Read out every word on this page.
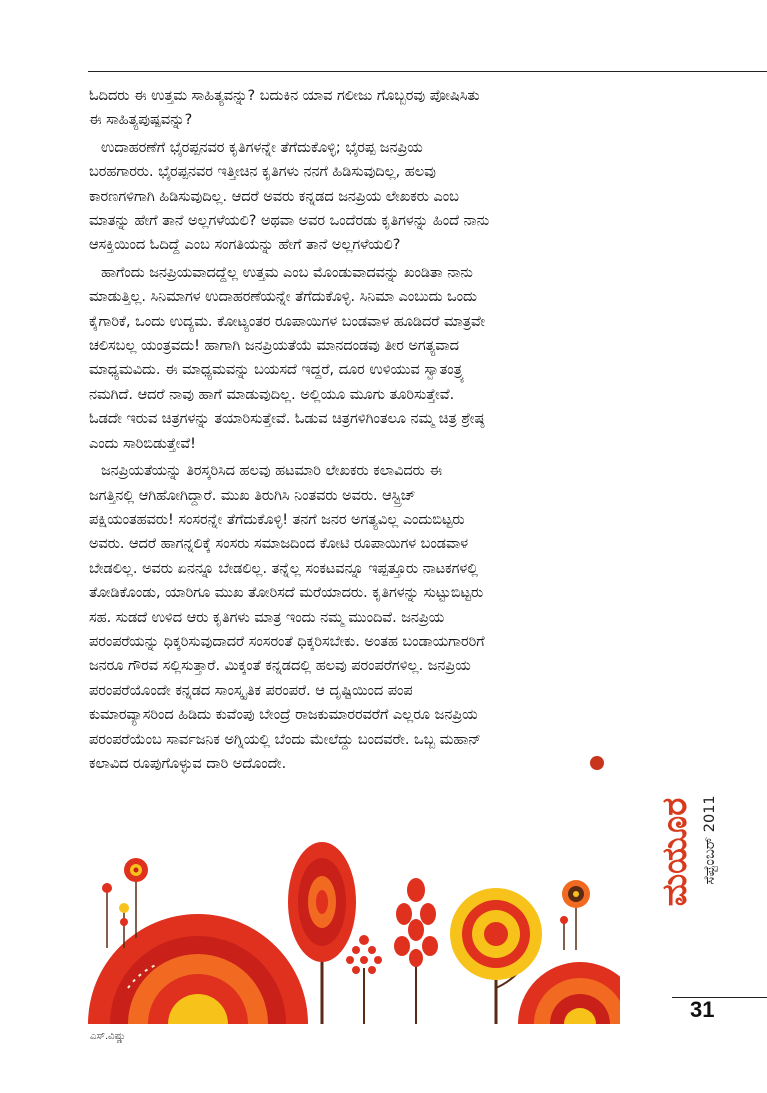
ಓದಿದರು ಈ ಉತ್ತಮ ಸಾಹಿತ್ಯವನ್ನು? ಬದುಕಿನ ಯಾವ ಗಲೀಜು ಗೊಬ್ಬರವು ಪೋಷಿಸಿತು
ಈ ಸಾಹಿತ್ಯಪುಷ್ಪವನ್ನು?

ಉದಾಹರಣೆಗೆ ಭೈರಪ್ಪನವರ ಕೃತಿಗಳನ್ನೇ ತೆಗೆದುಕೊಳ್ಳಿ; ಭೈರಪ್ಪ ಜನಪ್ರಿಯ
ಬರಹಗಾರರು. ಭೈರಪ್ಪನವರ ಇತ್ತೀಚಿನ ಕೃತಿಗಳು ನನಗೆ ಹಿಡಿಸುವುದಿಲ್ಲ, ಹಲವು
ಕಾರಣಗಳಿಗಾಗಿ ಹಿಡಿಸುವುದಿಲ್ಲ. ಆದರೆ ಅವರು ಕನ್ನಡದ ಜನಪ್ರಿಯ ಲೇಖಕರು ಎಂಬ
ಮಾತನ್ನು ಹೇಗೆ ತಾನೆ ಅಲ್ಲಗಳೆಯಲಿ? ಅಥವಾ ಅವರ ಒಂದೆರಡು ಕೃತಿಗಳನ್ನು ಹಿಂದೆ ನಾನು
ಆಸಕ್ತಿಯಿಂದ ಓದಿದ್ದೆ ಎಂಬ ಸಂಗತಿಯನ್ನು ಹೇಗೆ ತಾನೆ ಅಲ್ಲಗಳೆಯಲಿ?

ಹಾಗೆಂದು ಜನಪ್ರಿಯವಾದದ್ದೆಲ್ಲ ಉತ್ತಮ ಎಂಬ ಮೊಂಡುವಾದವನ್ನು ಖಂಡಿತಾ ನಾನು
ಮಾಡುತ್ತಿಲ್ಲ. ಸಿನಿಮಾಗಳ ಉದಾಹರಣೆಯನ್ನೇ ತೆಗೆದುಕೊಳ್ಳಿ. ಸಿನಿಮಾ ಎಂಬುದು ಒಂದು
ಕೈಗಾರಿಕೆ, ಒಂದು ಉದ್ಯಮ. ಕೋಟ್ಯಂತರ ರೂಪಾಯಿಗಳ ಬಂಡವಾಳ ಹೂಡಿದರೆ ಮಾತ್ರವೇ
ಚಲಿಸಬಲ್ಲ ಯಂತ್ರವದು! ಹಾಗಾಗಿ ಜನಪ್ರಿಯತೆಯೆ ಮಾನದಂಡವು ತೀರ ಅಗತ್ಯವಾದ
ಮಾಧ್ಯಮವಿದು. ಈ ಮಾಧ್ಯಮವನ್ನು ಬಯಸದೆ ಇದ್ದರೆ, ದೂರ ಉಳಿಯುವ ಸ್ವಾತಂತ್ರ್ಯ
ನಮಗಿದೆ. ಆದರೆ ನಾವು ಹಾಗೆ ಮಾಡುವುದಿಲ್ಲ. ಅಲ್ಲಿಯೂ ಮೂಗು ತೂರಿಸುತ್ತೇವೆ.
ಓಡದೇ ಇರುವ ಚಿತ್ರಗಳನ್ನು ತಯಾರಿಸುತ್ತೇವೆ. ಓಡುವ ಚಿತ್ರಗಳಿಗಿಂತಲೂ ನಮ್ಮ ಚಿತ್ರ ಶ್ರೇಷ್ಠ
ಎಂದು ಸಾರಿಬಿಡುತ್ತೇವೆ!

ಜನಪ್ರಿಯತೆಯನ್ನು ತಿರಸ್ಕರಿಸಿದ ಹಲವು ಹಟಮಾರಿ ಲೇಖಕರು ಕಲಾವಿದರು ಈ
ಜಗತ್ತಿನಲ್ಲಿ ಆಗಿಹೋಗಿದ್ದಾರೆ. ಮುಖ ತಿರುಗಿಸಿ ನಿಂತವರು ಅವರು. ಆಸ್ಟ್ರಿಚ್
ಪಕ್ಷಿಯಂತಹವರು! ಸಂಸರನ್ನೇ ತೆಗೆದುಕೊಳ್ಳಿ! ತನಗೆ ಜನರ ಅಗತ್ಯವಿಲ್ಲ ಎಂದುಬಿಟ್ಟರು
ಅವರು. ಆದರೆ ಹಾಗನ್ನಲಿಕ್ಕೆ ಸಂಸರು ಸಮಾಜದಿಂದ ಕೋಟಿ ರೂಪಾಯಿಗಳ ಬಂಡವಾಳ
ಬೇಡಲಿಲ್ಲ. ಅವರು ಏನನ್ನೂ ಬೇಡಲಿಲ್ಲ. ತನ್ನೆಲ್ಲ ಸಂಕಟವನ್ನೂ ಇಪ್ಪತ್ತೂರು ನಾಟಕಗಳಲ್ಲಿ
ತೋಡಿಕೊಂಡು, ಯಾರಿಗೂ ಮುಖ ತೋರಿಸದೆ ಮರೆಯಾದರು. ಕೃತಿಗಳನ್ನು ಸುಟ್ಟುಬಿಟ್ಟರು
ಸಹ. ಸುಡದೆ ಉಳಿದ ಆರು ಕೃತಿಗಳು ಮಾತ್ರ ಇಂದು ನಮ್ಮ ಮುಂದಿವೆ. ಜನಪ್ರಿಯ
ಪರಂಪರೆಯನ್ನು ಧಿಕ್ಕರಿಸುವುದಾದರೆ ಸಂಸರಂತೆ ಧಿಕ್ಕರಿಸಬೇಕು. ಅಂತಹ ಬಂಡಾಯಗಾರರಿಗೆ
ಜನರೂ ಗೌರವ ಸಲ್ಲಿಸುತ್ತಾರೆ. ಮಿಕ್ಕಂತೆ ಕನ್ನಡದಲ್ಲಿ ಹಲವು ಪರಂಪರೆಗಳಿಲ್ಲ. ಜನಪ್ರಿಯ
ಪರಂಪರೆಯೊಂದೇ ಕನ್ನಡದ ಸಾಂಸ್ಕೃತಿಕ ಪರಂಪರೆ. ಆ ದೃಷ್ಟಿಯಿಂದ ಪಂಪ
ಕುಮಾರವ್ಯಾಸರಿಂದ ಹಿಡಿದು ಕುವೆಂಪು ಬೇಂದ್ರೆ ರಾಜಕುಮಾರರವರೆಗೆ ಎಲ್ಲರೂ ಜನಪ್ರಿಯ
ಪರಂಪರೆಯೆಂಬ ಸಾರ್ವಜನಿಕ ಅಗ್ನಿಯಲ್ಲಿ ಬೆಂದು ಮೇಲೆದ್ದು ಬಂದವರೇ. ಒಬ್ಬ ಮಹಾನ್
ಕಲಾವಿದ ರೂಪುಗೊಳ್ಳುವ ದಾರಿ ಅದೊಂದೇ.

ಮಯೂರ ಸೆಪ್ಟೆಂಬರ್ 2011
31
ಎಸ್.ವಿಷ್ಣು
